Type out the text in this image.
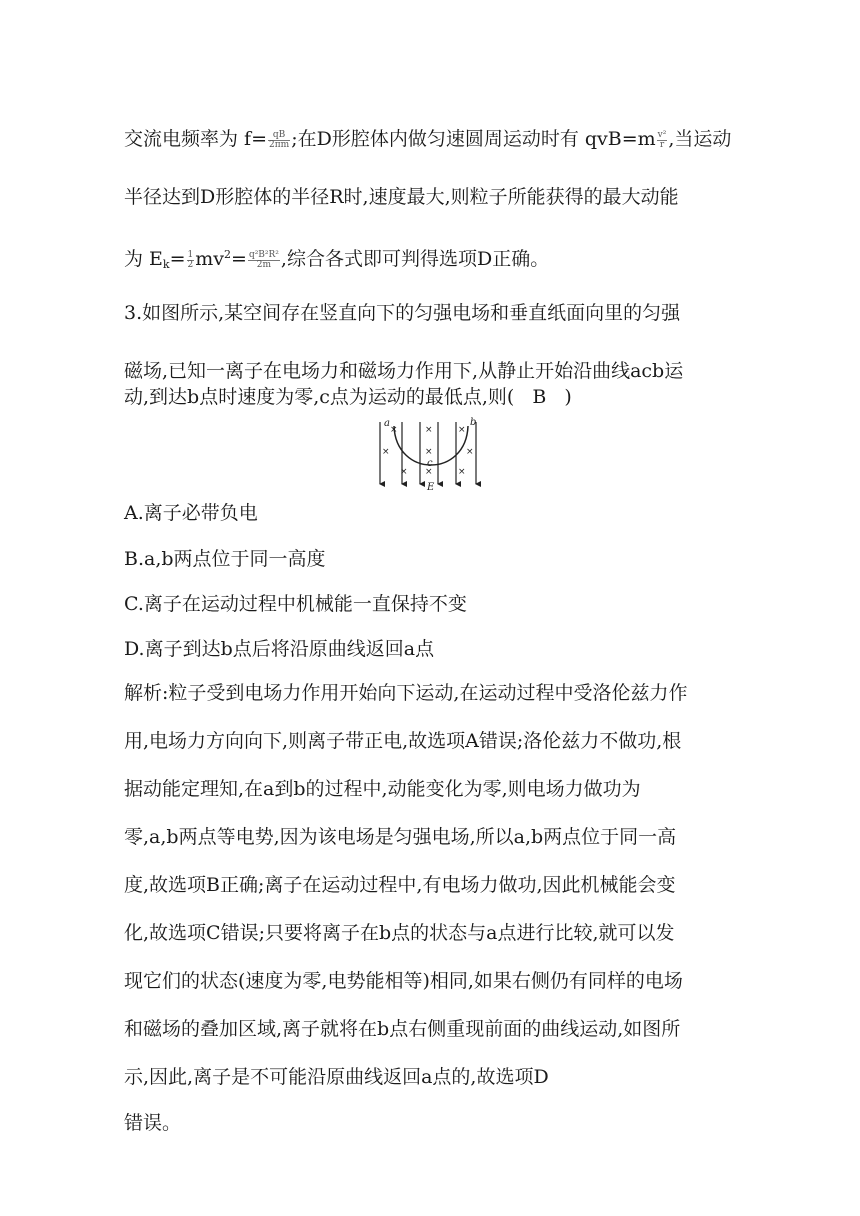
交流电频率为 $f= \frac{qB}{2\pi m}$ ;在D形腔体内做匀速圆周运动时有 $qvB=m \frac{\text{v²}}{r}$ ,当运动
半径达到D形腔体的半径R时,速度最大,则粒子所能获得的最大动能
为 $E_k= \frac{1}{2} mv^2= \frac{\text{q²B²R²}}{2m}$ ,综合各式即可判得选项D正确。
3.如图所示,某空间存在竖直向下的匀强电场和垂直纸面向里的匀强
磁场,已知一离子在电场力和磁场力作用下,从静止开始沿曲线acb运
动,到达b点时速度为零,c点为运动的最低点,则( B )
×	×	×
×	×	×
× ×	×
a	b
c
E
A.离子必带负电
B.a,b两点位于同一高度
C.离子在运动过程中机械能一直保持不变
D.离子到达b点后将沿原曲线返回a点
解析:粒子受到电场力作用开始向下运动,在运动过程中受洛伦兹力作
用,电场力方向向下,则离子带正电,故选项A错误;洛伦兹力不做功,根
据动能定理知,在a到b的过程中,动能变化为零,则电场力做功为
零,a,b两点等电势,因为该电场是匀强电场,所以a,b两点位于同一高
度,故选项B正确;离子在运动过程中,有电场力做功,因此机械能会变
化,故选项C错误;只要将离子在b点的状态与a点进行比较,就可以发
现它们的状态(速度为零,电势能相等)相同,如果右侧仍有同样的电场
和磁场的叠加区域,离子就将在b点右侧重现前面的曲线运动,如图所
示,因此,离子是不可能沿原曲线返回a点的,故选项D
错误。
